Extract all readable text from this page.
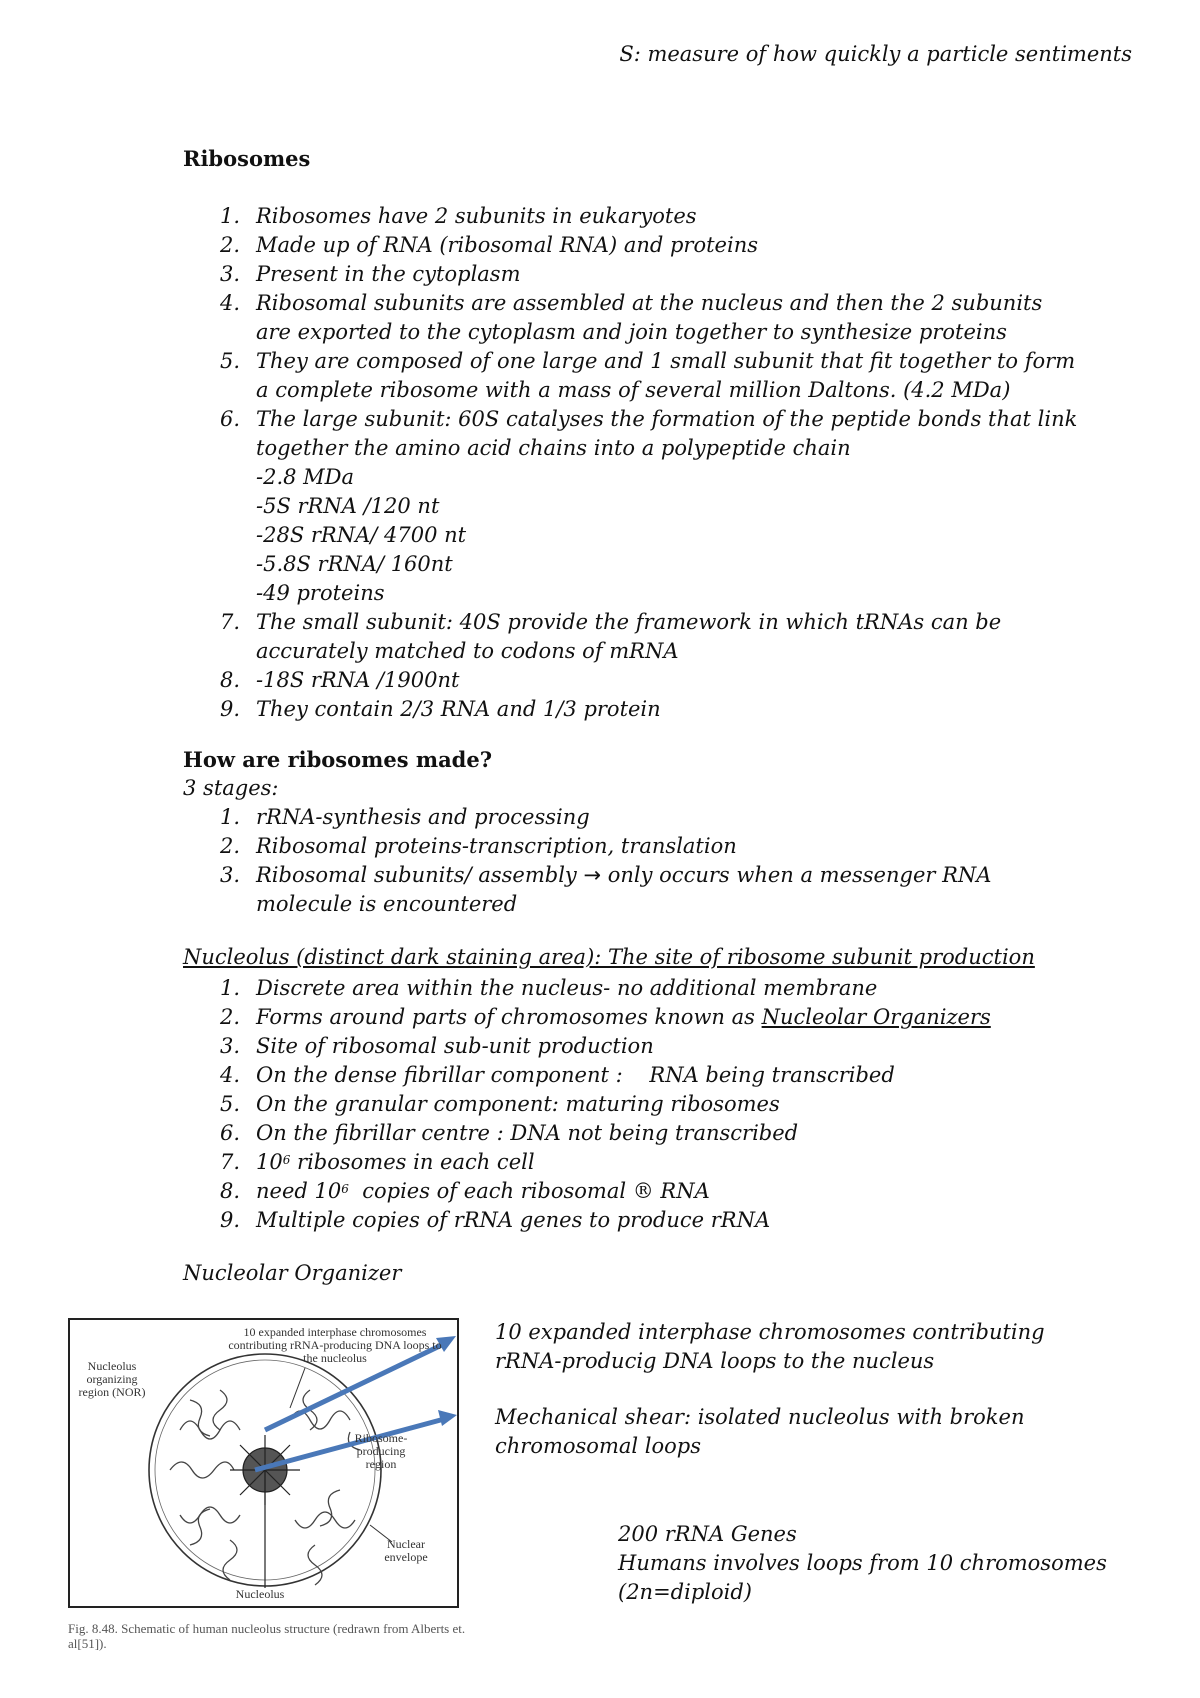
S: measure of how quickly a particle sentiments
Ribosomes
1. Ribosomes have 2 subunits in eukaryotes
2. Made up of RNA (ribosomal RNA) and proteins
3. Present in the cytoplasm
4. Ribosomal subunits are assembled at the nucleus and then the 2 subunits
are exported to the cytoplasm and join together to synthesize proteins
5. They are composed of one large and 1 small subunit that fit together to form
a complete ribosome with a mass of several million Daltons. (4.2 MDa)
6. The large subunit: 60S catalyses the formation of the peptide bonds that link
together the amino acid chains into a polypeptide chain
-2.8 MDa
-5S rRNA /120 nt
-28S rRNA/ 4700 nt
-5.8S rRNA/ 160nt
-49 proteins
7. The small subunit: 40S provide the framework in which tRNAs can be
accurately matched to codons of mRNA
8. -18S rRNA /1900nt
9. They contain 2/3 RNA and 1/3 protein
How are ribosomes made?
3 stages:
1. rRNA-synthesis and processing
2. Ribosomal proteins-transcription, translation
3. Ribosomal subunits/ assembly → only occurs when a messenger RNA
molecule is encountered
Nucleolus (distinct dark staining area): The site of ribosome subunit production
1. Discrete area within the nucleus- no additional membrane
2. Forms around parts of chromosomes known as Nucleolar Organizers
3. Site of ribosomal sub-unit production
4. On the dense fibrillar component :    RNA being transcribed
5. On the granular component: maturing ribosomes
6. On the fibrillar centre : DNA not being transcribed
7. $10^6$ ribosomes in each cell
8. need $10^6$  copies of each ribosomal ® RNA
9. Multiple copies of rRNA genes to produce rRNA
Nucleolar Organizer
10 expanded interphase chromosomes contributing rRNA-producing DNA loops to the nucleolus
Nucleolus organizing region (NOR)
Ribosome-producing region
Nuclear envelope
Nucleolus
Fig. 8.48. Schematic of human nucleolus structure (redrawn from Alberts et. al[51]).
10 expanded interphase chromosomes contributing
rRNA-producig DNA loops to the nucleus
Mechanical shear: isolated nucleolus with broken
chromosomal loops
200 rRNA Genes
Humans involves loops from 10 chromosomes
(2n=diploid)
